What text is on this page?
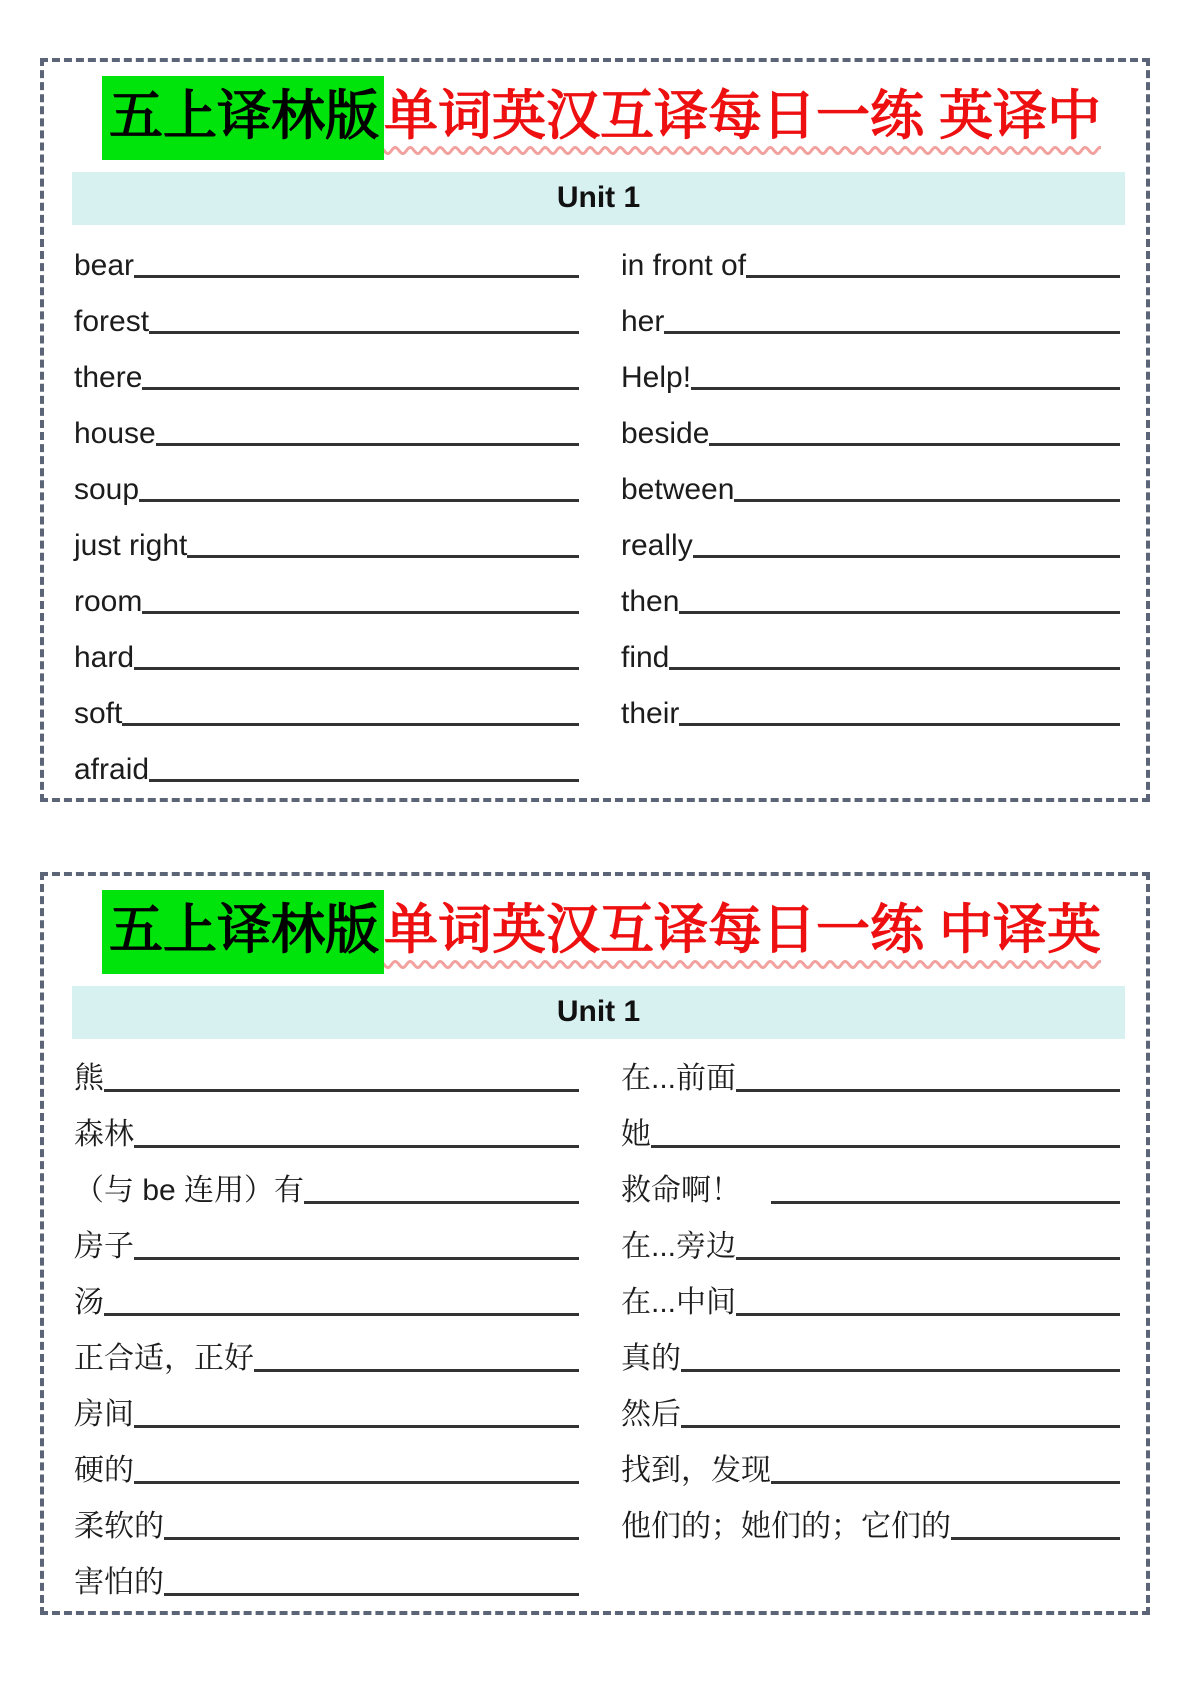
五上译林版单词英汉互译每日一练 英译中
Unit 1
bear
forest
there
house
soup
just right
room
hard
soft
afraid
in front of
her
Help!
beside
between
really
then
find
their
五上译林版单词英汉互译每日一练 中译英
Unit 1
熊
森林
（与 be 连用）有
房子
汤
正合适，正好
房间
硬的
柔软的
害怕的
在...前面
她
救命啊！　
在...旁边
在...中间
真的
然后
找到，发现
他们的；她们的；它们的
